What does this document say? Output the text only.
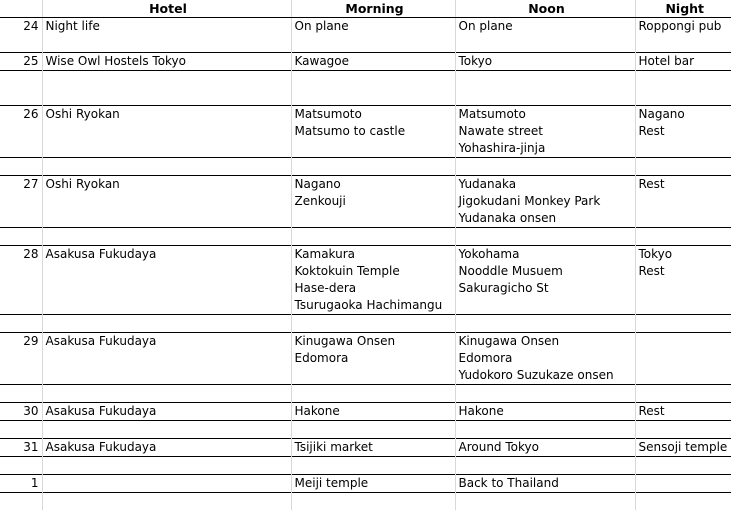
	Hotel	Morning	Noon	Night
24	Night life	On plane	On plane	Roppongi pub

25	Wise Owl Hostels Tokyo	Kawagoe	Tokyo	Hotel bar

26	Oshi Ryokan	Matsumoto	Matsumoto	Nagano
		Matsumo to castle	Nawate street	Rest
			Yohashira-jinja	

27	Oshi Ryokan	Nagano	Yudanaka	Rest
		Zenkouji	Jigokudani Monkey Park	
			Yudanaka onsen	

28	Asakusa Fukudaya	Kamakura	Yokohama	Tokyo
		Koktokuin Temple	Nooddle Musuem	Rest
		Hase-dera	Sakuragicho St	
		Tsurugaoka Hachimangu		

29	Asakusa Fukudaya	Kinugawa Onsen	Kinugawa Onsen	
		Edomora	Edomora	
			Yudokoro Suzukaze onsen	

30	Asakusa Fukudaya	Hakone	Hakone	Rest

31	Asakusa Fukudaya	Tsijiki market	Around Tokyo	Sensoji temple

1		Meiji temple	Back to Thailand	
